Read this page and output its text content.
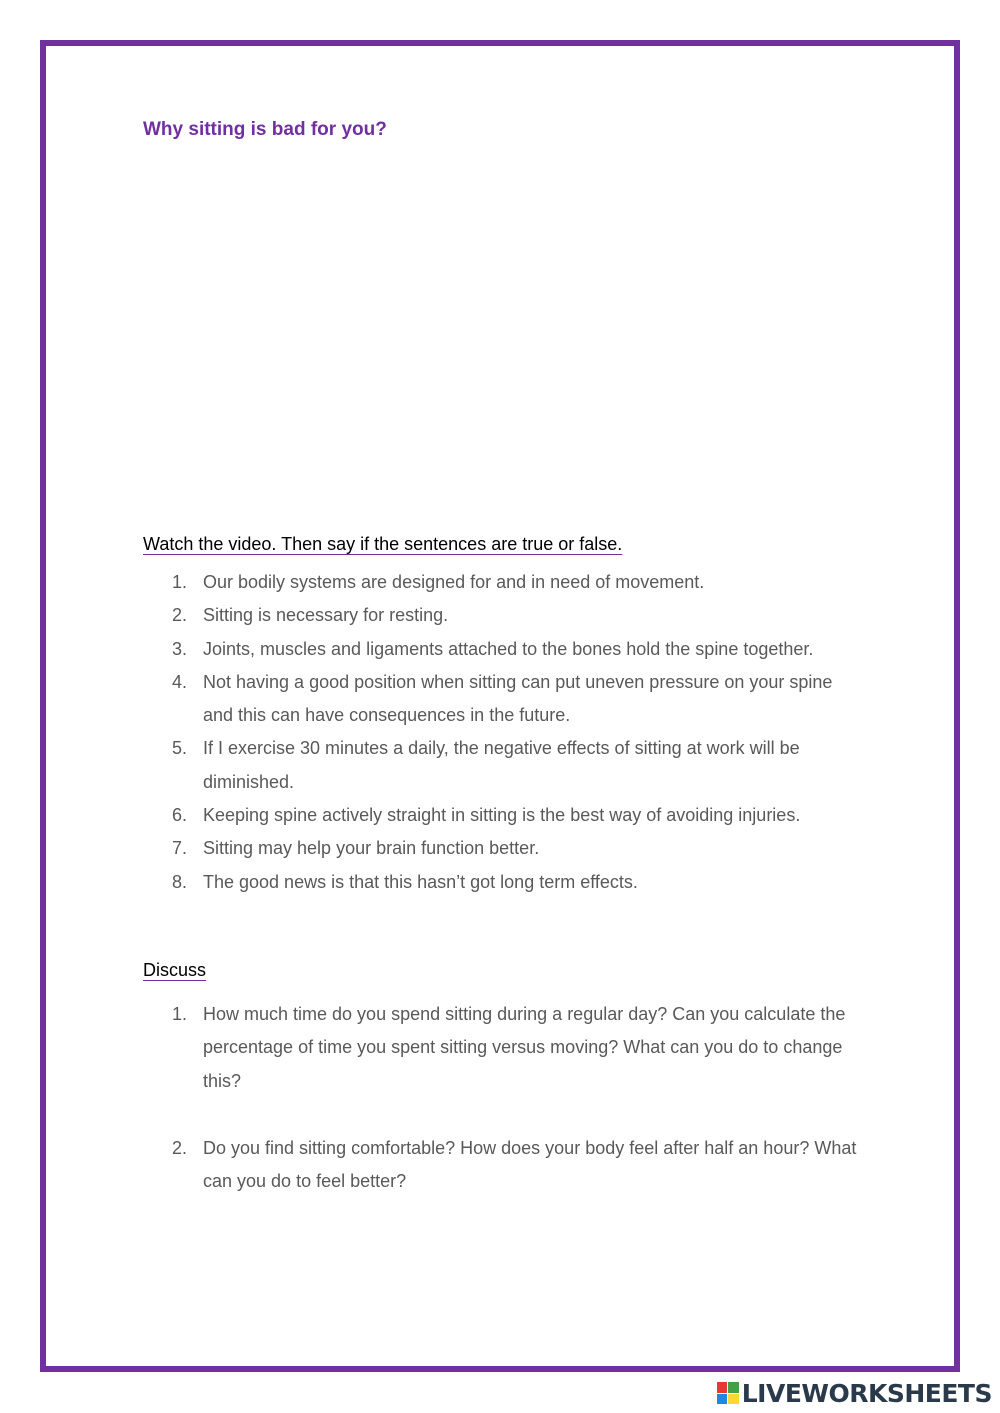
Why sitting is bad for you?

Watch the video. Then say if the sentences are true or false.

1. Our bodily systems are designed for and in need of movement.
2. Sitting is necessary for resting.
3. Joints, muscles and ligaments attached to the bones hold the spine together.
4. Not having a good position when sitting can put uneven pressure on your spine and this can have consequences in the future.
5. If I exercise 30 minutes a daily, the negative effects of sitting at work will be diminished.
6. Keeping spine actively straight in sitting is the best way of avoiding injuries.
7. Sitting may help your brain function better.
8. The good news is that this hasn’t got long term effects.

Discuss

1. How much time do you spend sitting during a regular day? Can you calculate the percentage of time you spent sitting versus moving? What can you do to change this?
2. Do you find sitting comfortable? How does your body feel after half an hour? What can you do to feel better?
LIVEWORKSHEETS
